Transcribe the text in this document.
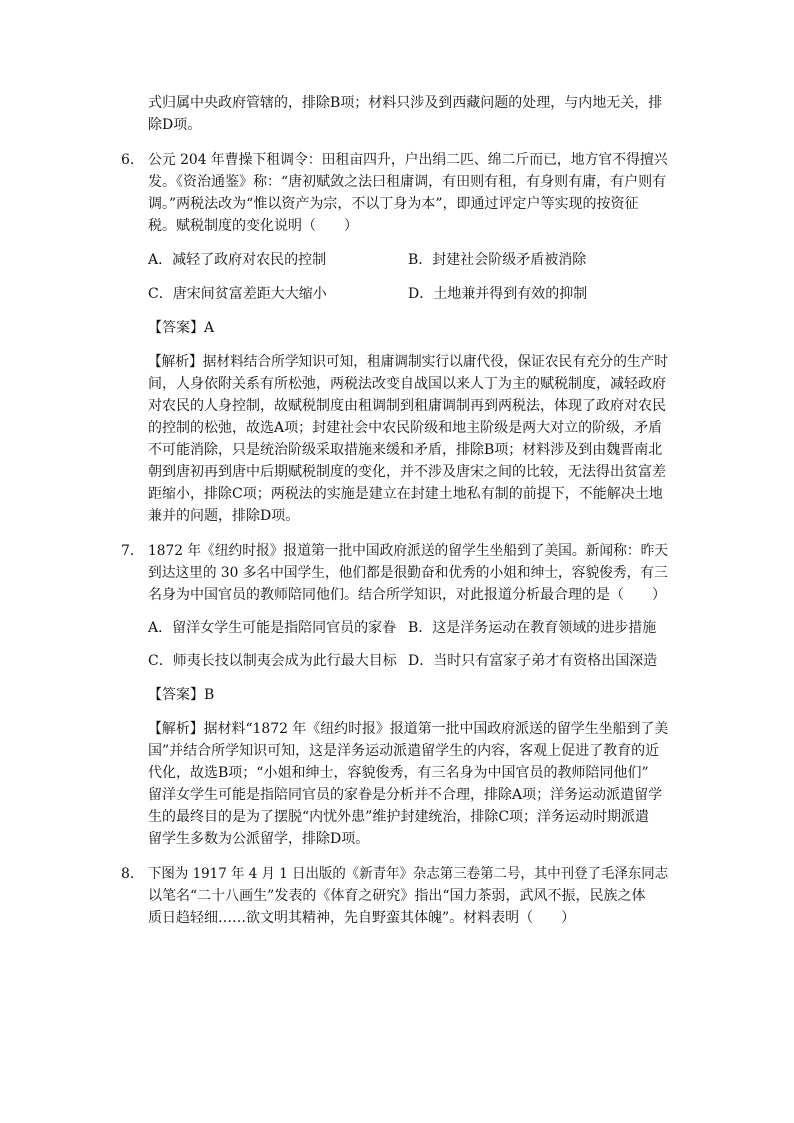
式归属中央政府管辖的，排除B项；材料只涉及到西藏问题的处理，与内地无关，排
除D项。
6． 公元 204 年曹操下租调令：田租亩四升，户出绢二匹、绵二斤而已，地方官不得擅兴
发。《资治通鉴》称：“唐初赋敛之法曰租庸调，有田则有租，有身则有庸，有户则有
调。”两税法改为“惟以资产为宗，不以丁身为本”，即通过评定户等实现的按资征
税。赋税制度的变化说明（　　）
A．减轻了政府对农民的控制	B．封建社会阶级矛盾被消除
C．唐宋间贫富差距大大缩小	D．土地兼并得到有效的抑制
【答案】A
【解析】据材料结合所学知识可知，租庸调制实行以庸代役，保证农民有充分的生产时
间，人身依附关系有所松弛，两税法改变自战国以来人丁为主的赋税制度，减轻政府
对农民的人身控制，故赋税制度由租调制到租庸调制再到两税法，体现了政府对农民
的控制的松弛，故选A项；封建社会中农民阶级和地主阶级是两大对立的阶级，矛盾
不可能消除，只是统治阶级采取措施来缓和矛盾，排除B项；材料涉及到由魏晋南北
朝到唐初再到唐中后期赋税制度的变化，并不涉及唐宋之间的比较，无法得出贫富差
距缩小，排除C项；两税法的实施是建立在封建土地私有制的前提下，不能解决土地
兼并的问题，排除D项。
7． 1872 年《纽约时报》报道第一批中国政府派送的留学生坐船到了美国。新闻称：昨天
到达这里的 30 多名中国学生，他们都是很勤奋和优秀的小姐和绅士，容貌俊秀，有三
名身为中国官员的教师陪同他们。结合所学知识，对此报道分析最合理的是（　　）
A．留洋女学生可能是指陪同官员的家眷 B．这是洋务运动在教育领域的进步措施
C．师夷长技以制夷会成为此行最大目标 D．当时只有富家子弟才有资格出国深造
【答案】B
【解析】据材料“1872 年《纽约时报》报道第一批中国政府派送的留学生坐船到了美
国”并结合所学知识可知，这是洋务运动派遣留学生的内容，客观上促进了教育的近
代化，故选B项；“小姐和绅士，容貌俊秀，有三名身为中国官员的教师陪同他们”
留洋女学生可能是指陪同官员的家眷是分析并不合理，排除A项；洋务运动派遣留学
生的最终目的是为了摆脱“内忧外患”维护封建统治，排除C项；洋务运动时期派遣
留学生多数为公派留学，排除D项。
8． 下图为 1917 年 4 月 1 日出版的《新青年》杂志第三卷第二号，其中刊登了毛泽东同志
以笔名“二十八画生”发表的《体育之研究》指出“国力茶弱，武风不振，民族之体
质日趋轻细……欲文明其精神，先自野蛮其体魄”。材料表明（　　）
